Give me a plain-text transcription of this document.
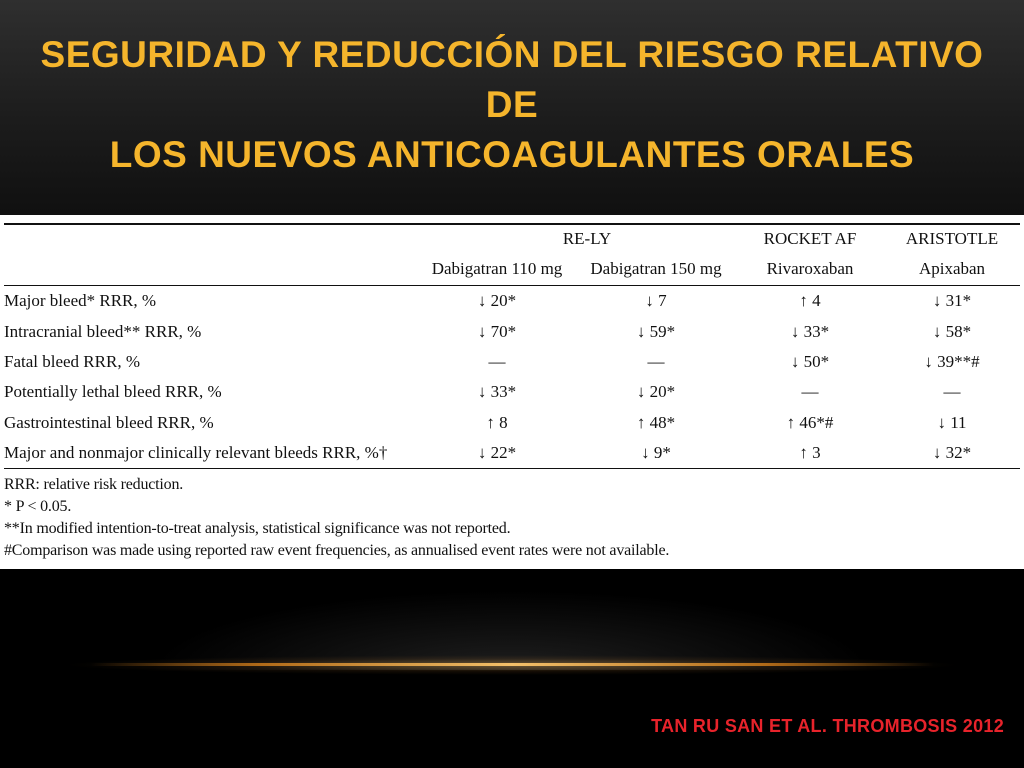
SEGURIDAD Y REDUCCIÓN DEL RIESGO RELATIVO DE
LOS NUEVOS ANTICOAGULANTES ORALES
	RE-LY		ROCKET AF	ARISTOTLE
	Dabigatran 110 mg	Dabigatran 150 mg	Rivaroxaban	Apixaban
Major bleed* RRR, %	↓ 20*	↓ 7	↑ 4	↓ 31*
Intracranial bleed** RRR, %	↓ 70*	↓ 59*	↓ 33*	↓ 58*
Fatal bleed RRR, %	—	—	↓ 50*	↓ 39**#
Potentially lethal bleed RRR, %	↓ 33*	↓ 20*	—	—
Gastrointestinal bleed RRR, %	↑ 8	↑ 48*	↑ 46*#	↓ 11
Major and nonmajor clinically relevant bleeds RRR, %†	↓ 22*	↓ 9*	↑ 3	↓ 32*
RRR: relative risk reduction.
* P < 0.05.
**In modified intention-to-treat analysis, statistical significance was not reported.
#Comparison was made using reported raw event frequencies, as annualised event rates were not available.
TAN RU SAN ET AL. THROMBOSIS 2012
